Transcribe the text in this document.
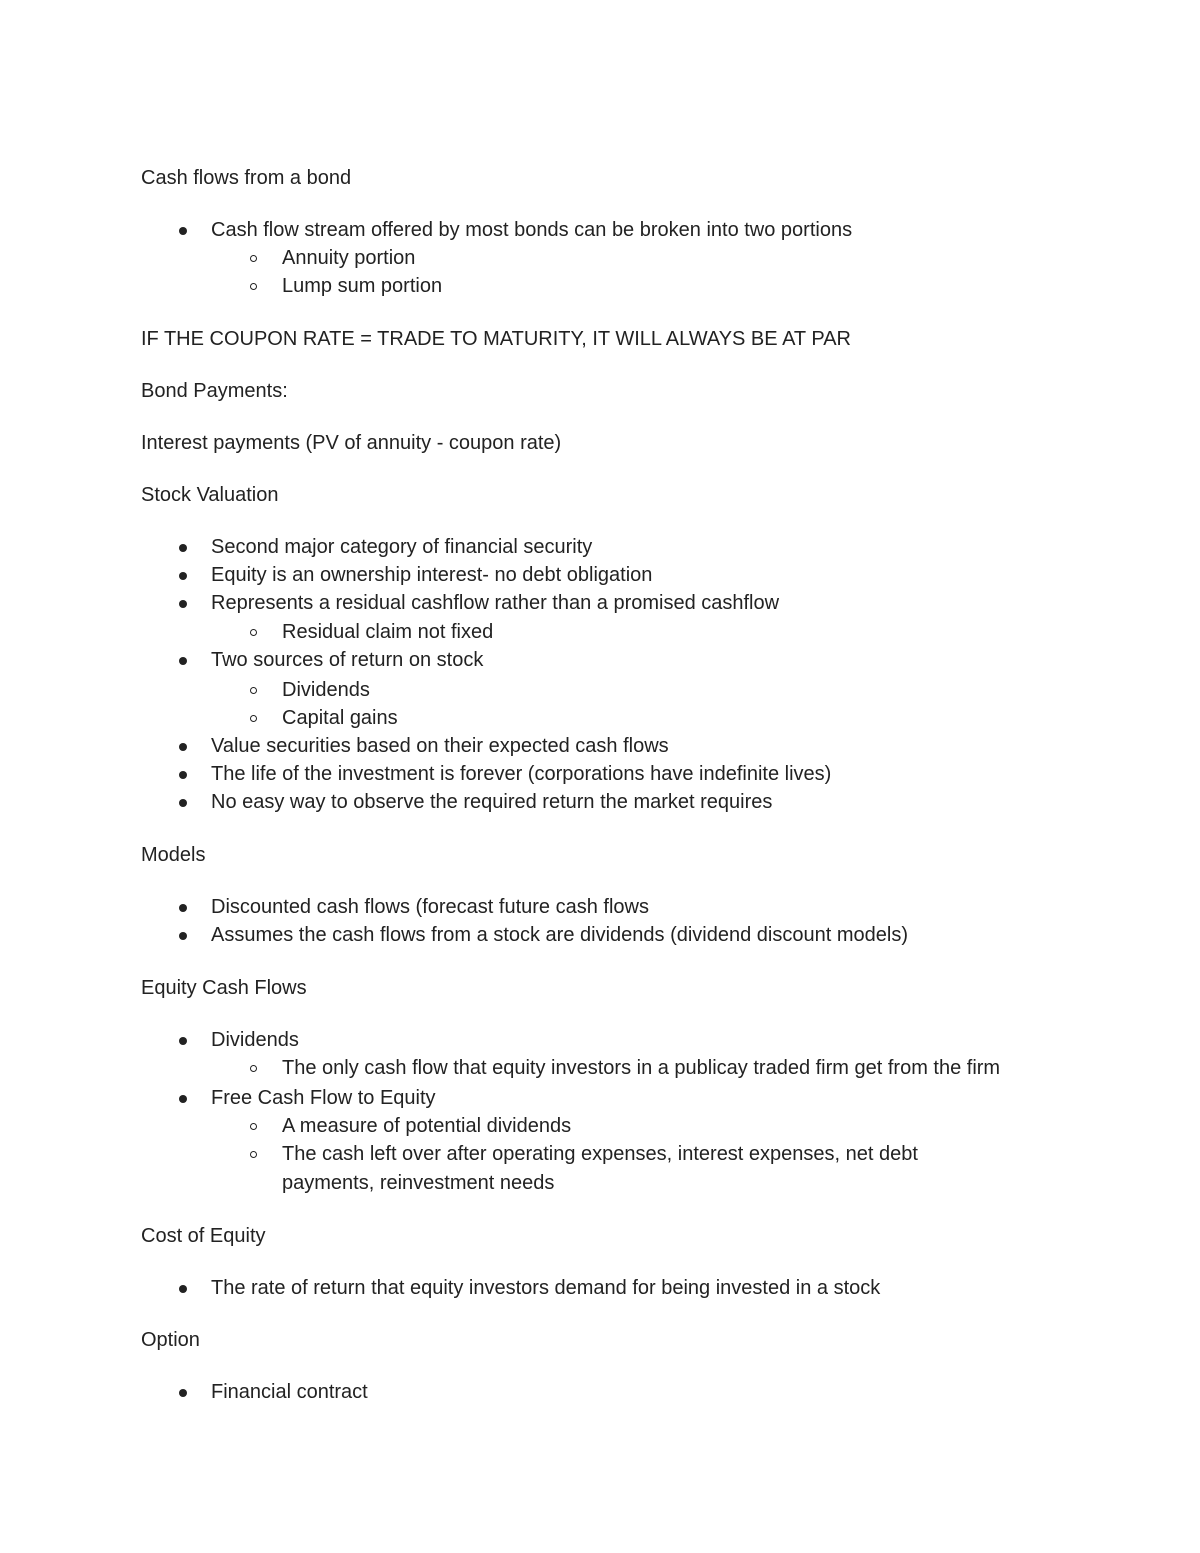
Cash flows from a bond
Cash flow stream offered by most bonds can be broken into two portions
Annuity portion
Lump sum portion
IF THE COUPON RATE = TRADE TO MATURITY, IT WILL ALWAYS BE AT PAR
Bond Payments:
Interest payments (PV of annuity - coupon rate)
Stock Valuation
Second major category of financial security
Equity is an ownership interest- no debt obligation
Represents a residual cashflow rather than a promised cashflow
Residual claim not fixed
Two sources of return on stock
Dividends
Capital gains
Value securities based on their expected cash flows
The life of the investment is forever (corporations have indefinite lives)
No easy way to observe the required return the market requires
Models
Discounted cash flows (forecast future cash flows
Assumes the cash flows from a stock are dividends (dividend discount models)
Equity Cash Flows
Dividends
The only cash flow that equity investors in a publicay traded firm get from the firm
Free Cash Flow to Equity
A measure of potential dividends
The cash left over after operating expenses, interest expenses, net debt
payments, reinvestment needs
Cost of Equity
The rate of return that equity investors demand for being invested in a stock
Option
Financial contract
